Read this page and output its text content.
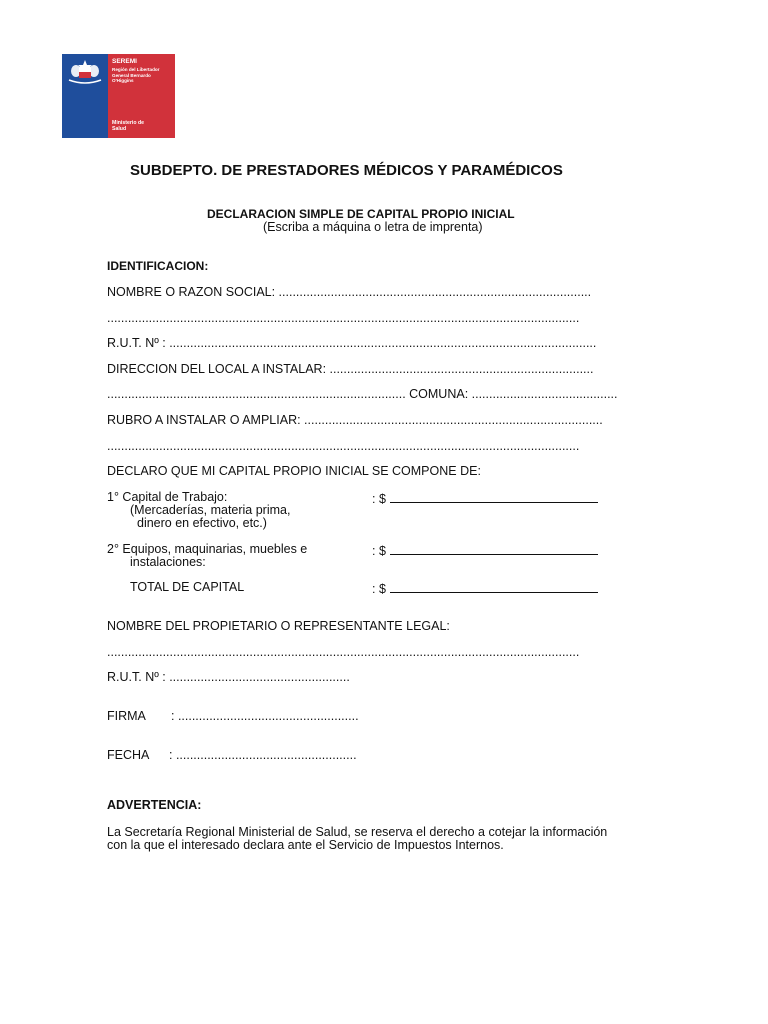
SEREMI
Región del Libertador
General Bernardo
O'Higgins
Ministerio de
Salud
SUBDEPTO. DE PRESTADORES MÉDICOS Y PARAMÉDICOS
DECLARACION SIMPLE DE CAPITAL PROPIO INICIAL
(Escriba a máquina o letra de imprenta)
IDENTIFICACION:
NOMBRE O RAZON SOCIAL: ..........................................................................................
........................................................................................................................................
R.U.T. Nº : ...........................................................................................................................
DIRECCION DEL LOCAL A INSTALAR: ............................................................................
...................................................................................... COMUNA: ..........................................
RUBRO A INSTALAR O AMPLIAR: ......................................................................................
........................................................................................................................................
DECLARO QUE MI CAPITAL PROPIO INICIAL SE COMPONE DE:
1° Capital de Trabajo:
(Mercaderías, materia prima,
dinero en efectivo, etc.)
: $
2° Equipos, maquinarias, muebles e
instalaciones:
: $
TOTAL DE CAPITAL	: $
NOMBRE DEL PROPIETARIO O REPRESENTANTE LEGAL:
........................................................................................................................................
R.U.T. Nº : ....................................................
FIRMA : ....................................................
FECHA : ....................................................
ADVERTENCIA:
La Secretaría Regional Ministerial de Salud, se reserva el derecho a cotejar la información
con la que el interesado declara ante el Servicio de Impuestos Internos.
